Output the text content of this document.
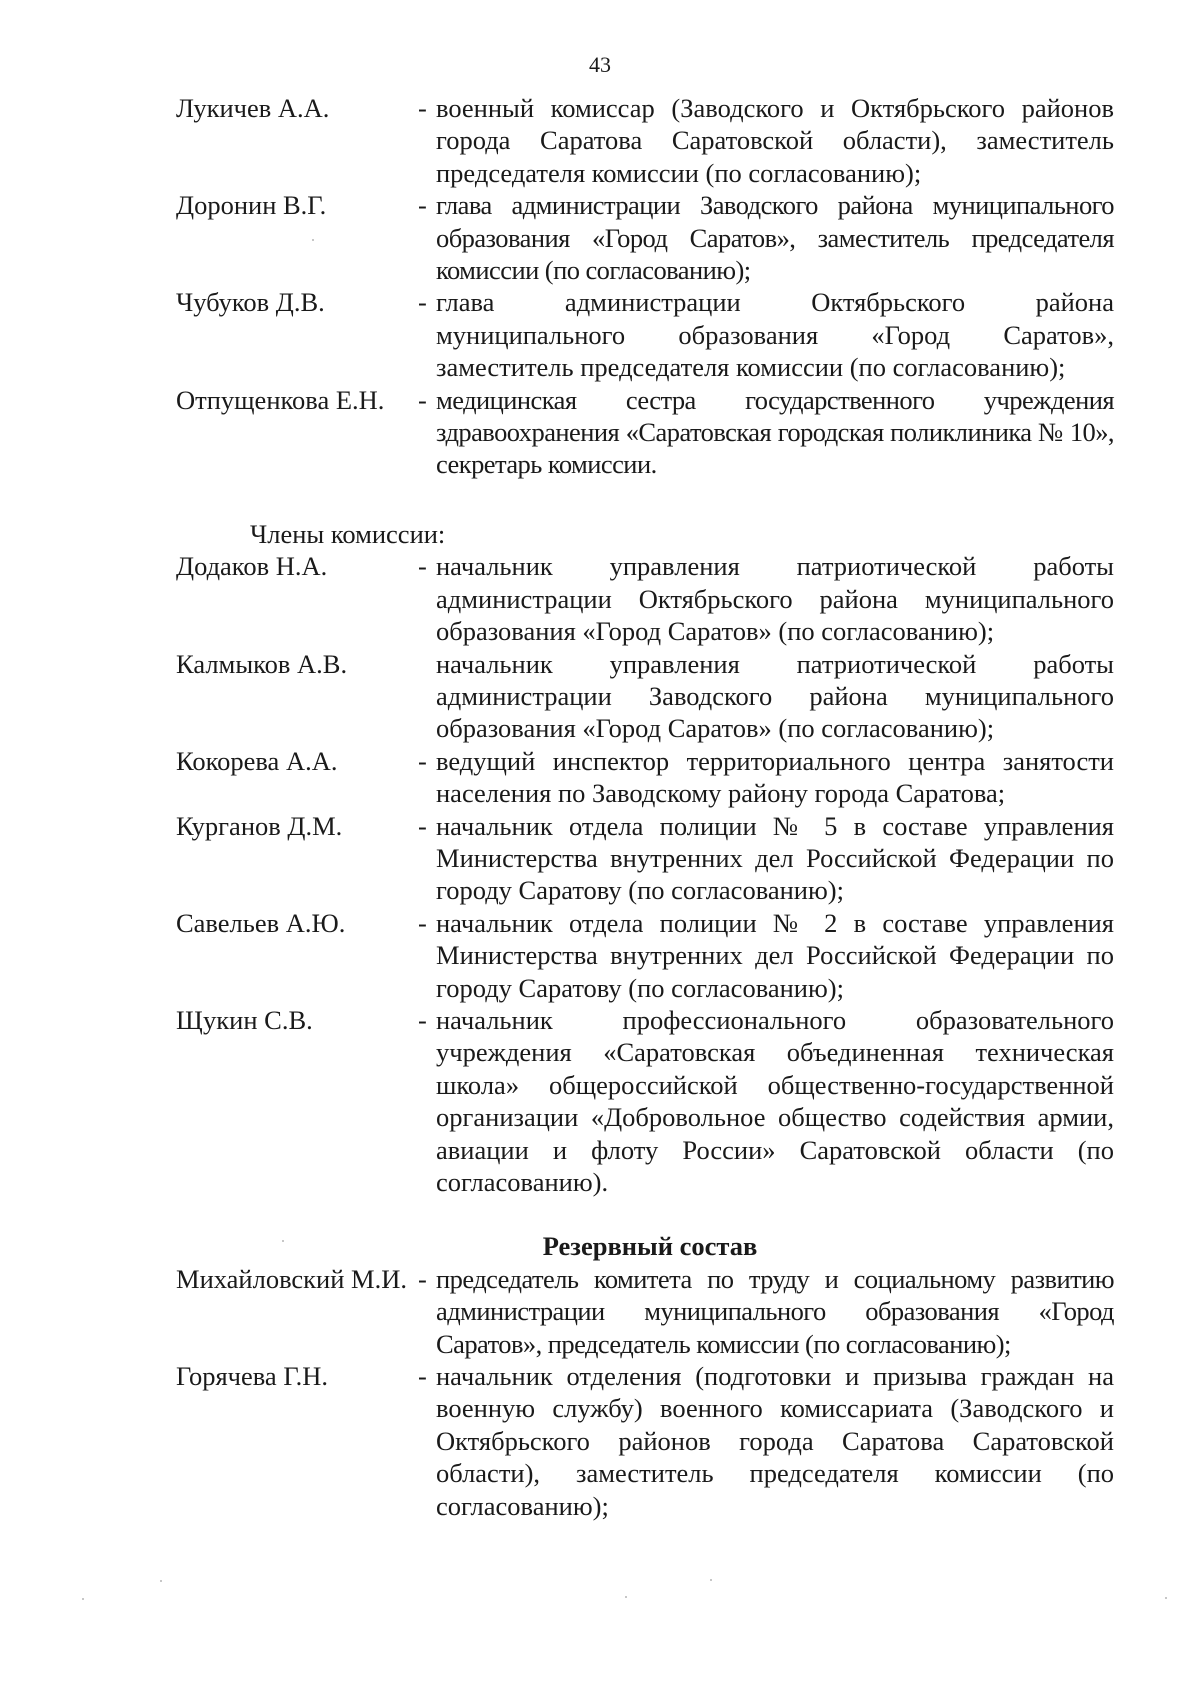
43
Лукичев А.А.	- военный комиссар (Заводского и Октябрьского районов города Саратова Саратовской области), заместитель председателя комиссии (по согласованию);
Доронин В.Г.	- глава администрации Заводского района муниципального образования «Город Саратов», заместитель председателя комиссии (по согласованию);
Чубуков Д.В.	- глава администрации Октябрьского района муниципального образования «Город Саратов», заместитель председателя комиссии (по согласованию);
Отпущенкова Е.Н. - медицинская сестра государственного учреждения здравоохранения «Саратовская городская поликлиника № 10», секретарь комиссии.
Члены комиссии:
Додаков Н.А.	- начальник управления патриотической работы администрации Октябрьского района муниципального образования «Город Саратов» (по согласованию);
Калмыков А.В.	начальник управления патриотической работы администрации Заводского района муниципального образования «Город Саратов» (по согласованию);
Кокорева А.А.	- ведущий инспектор территориального центра занятости населения по Заводскому району города Саратова;
Курганов Д.М.	- начальник отдела полиции № 5 в составе управления Министерства внутренних дел Российской Федерации по городу Саратову (по согласованию);
Савельев А.Ю.	- начальник отдела полиции № 2 в составе управления Министерства внутренних дел Российской Федерации по городу Саратову (по согласованию);
Щукин С.В.	- начальник профессионального образовательного учреждения «Саратовская объединенная техническая школа» общероссийской общественно-государственной организации «Добровольное общество содействия армии, авиации и флоту России» Саратовской области (по согласованию).
Резервный состав
Михайловский М.И. - председатель комитета по труду и социальному развитию администрации муниципального образования «Город Саратов», председатель комиссии (по согласованию);
Горячева Г.Н.	- начальник отделения (подготовки и призыва граждан на военную службу) военного комиссариата (Заводского и Октябрьского районов города Саратова Саратовской области), заместитель председателя комиссии (по согласованию);
